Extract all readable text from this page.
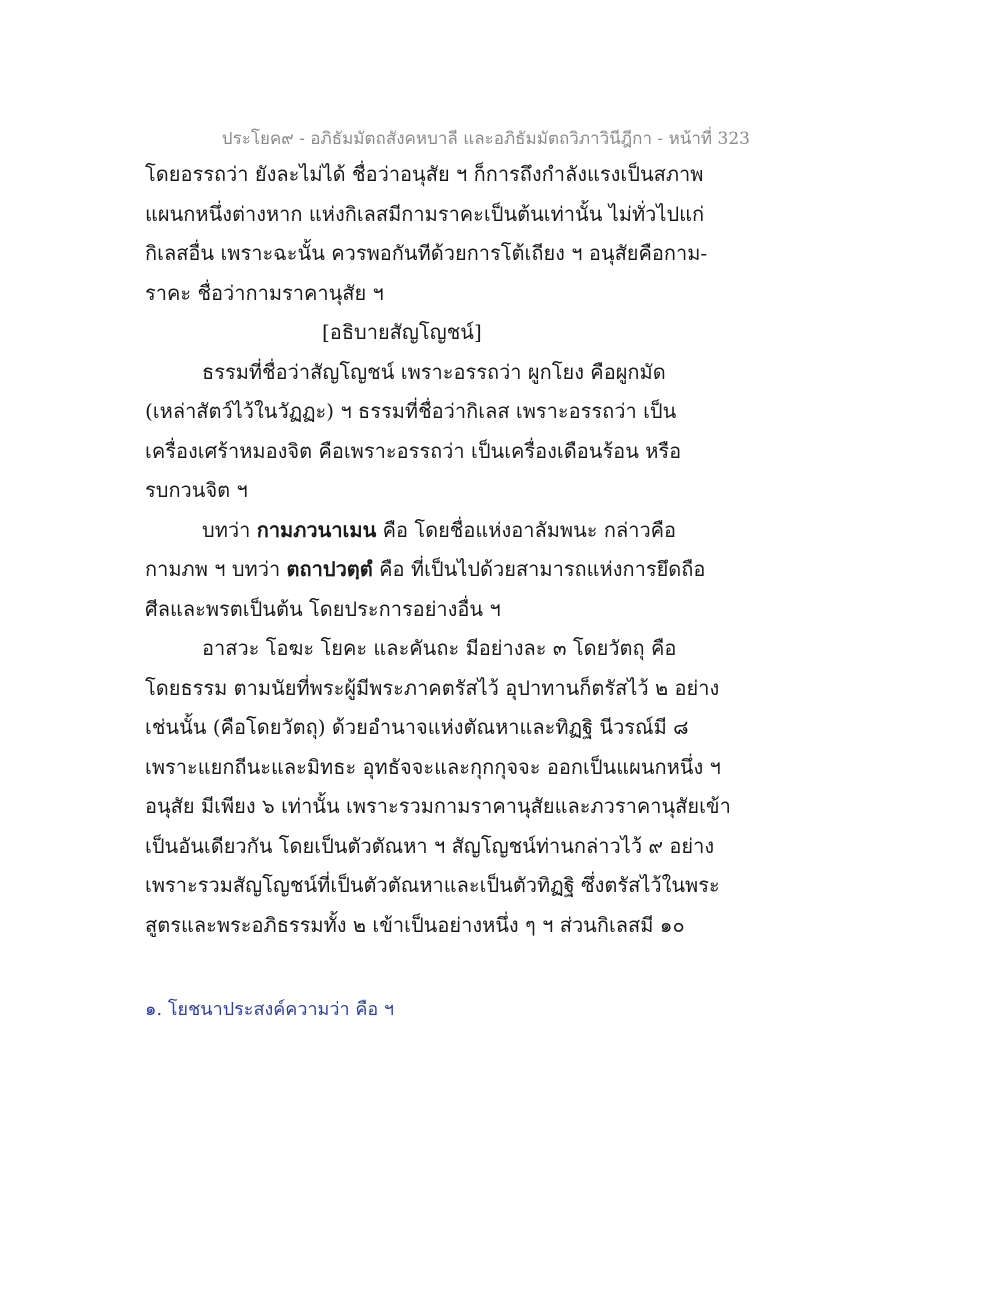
ประโยค๙ - อภิธัมมัตถสังคหบาลี และอภิธัมมัตถวิภาวินีฎีกา - หน้าที่ 323
โดยอรรถว่า ยังละไม่ได้ ชื่อว่าอนุสัย ฯ ก็การถึงกำลังแรงเป็นสภาพ
แผนกหนึ่งต่างหาก แห่งกิเลสมีกามราคะเป็นต้นเท่านั้น ไม่ทั่วไปแก่
กิเลสอื่น เพราะฉะนั้น ควรพอกันทีด้วยการโต้เถียง ฯ อนุสัยคือกาม-
ราคะ ชื่อว่ากามราคานุสัย ฯ
[อธิบายสัญโญชน์]
ธรรมที่ชื่อว่าสัญโญชน์ เพราะอรรถว่า ผูกโยง คือผูกมัด
(เหล่าสัตว์ไว้ในวัฏฏะ) ฯ ธรรมที่ชื่อว่ากิเลส เพราะอรรถว่า เป็น
เครื่องเศร้าหมองจิต คือเพราะอรรถว่า เป็นเครื่องเดือนร้อน หรือ
รบกวนจิต ฯ
บทว่า กามภวนาเมน คือ โดยชื่อแห่งอาลัมพนะ กล่าวคือ
กามภพ ฯ บทว่า ตถาปวตฺตํ คือ ที่เป็นไปด้วยสามารถแห่งการยึดถือ
ศีลและพรตเป็นต้น โดยประการอย่างอื่น ฯ
อาสวะ โอฆะ โยคะ และคันถะ มีอย่างละ ๓ โดยวัตถุ คือ
โดยธรรม ตามนัยที่พระผู้มีพระภาคตรัสไว้ อุปาทานก็ตรัสไว้ ๒ อย่าง
เช่นนั้น (คือโดยวัตถุ) ด้วยอำนาจแห่งตัณหาและทิฏฐิ นีวรณ์มี ๘
เพราะแยกถีนะและมิทธะ อุทธัจจะและกุกกุจจะ ออกเป็นแผนกหนึ่ง ฯ
อนุสัย มีเพียง ๖ เท่านั้น เพราะรวมกามราคานุสัยและภวราคานุสัยเข้า
เป็นอันเดียวกัน โดยเป็นตัวตัณหา ฯ สัญโญชน์ท่านกล่าวไว้ ๙ อย่าง
เพราะรวมสัญโญชน์ที่เป็นตัวตัณหาและเป็นตัวทิฏฐิ ซึ่งตรัสไว้ในพระ
สูตรและพระอภิธรรมทั้ง ๒ เข้าเป็นอย่างหนึ่ง ๆ ฯ ส่วนกิเลสมี ๑๐
๑. โยชนาประสงค์ความว่า คือ ฯ
